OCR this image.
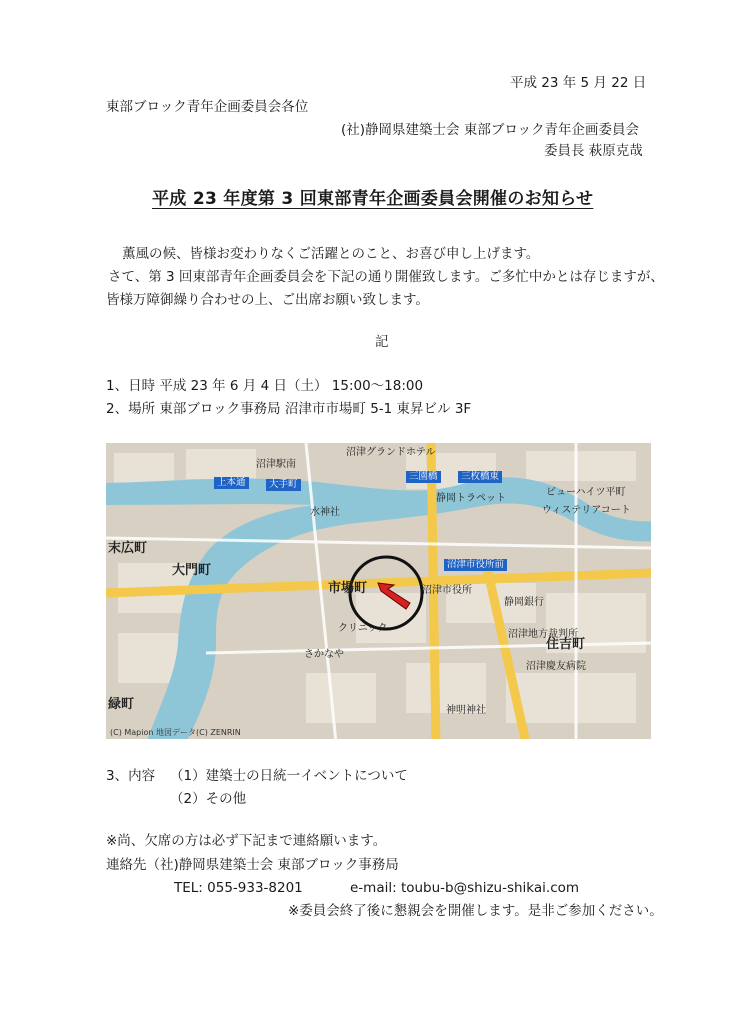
平成 23 年 5 月 22 日
東部ブロック青年企画委員会各位
(社)静岡県建築士会 東部ブロック青年企画委員会
委員長 萩原克哉
平成 23 年度第 3 回東部青年企画委員会開催のお知らせ
薫風の候、皆様お変わりなくご活躍とのこと、お喜び申し上げます。
さて、第 3 回東部青年企画委員会を下記の通り開催致します。ご多忙中かとは存じますが、
皆様万障御繰り合わせの上、ご出席お願い致します。
記
1、日時 平成 23 年 6 月 4 日（土） 15:00～18:00
2、場所 東部ブロック事務局 沼津市市場町 5-1 東昇ビル 3F
市場町
大門町
末広町
住吉町
緑町
上本通	大手町
三園橋	三枚橋東
沼津市役所前
沼津グランドホテル
沼津駅南
沼津市役所
静岡銀行
沼津地方裁判所
水神社
ビューハイツ平町
ウィステリアコート
静岡トラペット
クリニック
さかなや
沼津慶友病院
神明神社
(C) Mapion 地図データ(C) ZENRIN
3、内容 （1）建築士の日統一イベントについて
（2）その他
※尚、欠席の方は必ず下記まで連絡願います。
連絡先（社)静岡県建築士会 東部ブロック事務局
TEL: 055-933-8201	e-mail: toubu-b@shizu-shikai.com
※委員会終了後に懇親会を開催します。是非ご参加ください。
